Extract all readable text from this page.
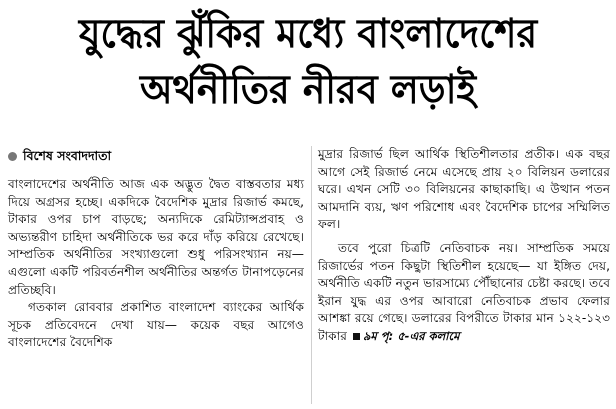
যুদ্ধের ঝুঁকির মধ্যে বাংলাদেশের
অর্থনীতির নীরব লড়াই
বিশেষ সংবাদদাতা

বাংলাদেশের অর্থনীতি আজ এক অদ্ভুত দ্বৈত বাস্তবতার মধ্য দিয়ে অগ্রসর হচ্ছে। একদিকে বৈদেশিক মুদ্রার রিজার্ভ কমছে, টাকার ওপর চাপ বাড়ছে; অন্যদিকে রেমিট্যান্সপ্রবাহ ও অভ্যন্তরীণ চাহিদা অর্থনীতিকে ভর করে দাঁড় করিয়ে রেখেছে। সাম্প্রতিক অর্থনীতির সংখ্যাগুলো শুধু পরিসংখ্যান নয়— এগুলো একটি পরিবর্তনশীল অর্থনীতির অন্তর্গত টানাপড়েনের প্রতিচ্ছবি।

গতকাল রোববার প্রকাশিত বাংলাদেশ ব্যাংকের আর্থিক সূচক প্রতিবেদনে দেখা যায়— কয়েক বছর আগেও বাংলাদেশের বৈদেশিক

মুদ্রার রিজার্ভ ছিল আর্থিক স্থিতিশীলতার প্রতীক। এক বছর আগে সেই রিজার্ভ নেমে এসেছে প্রায় ২০ বিলিয়ন ডলারের ঘরে। এখন সেটি ৩০ বিলিয়নের কাছাকাছি। এ উত্থান পতন আমদানি ব্যয়, ঋণ পরিশোধ এবং বৈদেশিক চাপের সম্মিলিত ফল।

তবে পুরো চিত্রটি নেতিবাচক নয়। সাম্প্রতিক সময়ে রিজার্ভের পতন কিছুটা স্থিতিশীল হয়েছে— যা ইঙ্গিত দেয়, অর্থনীতি একটি নতুন ভারসাম্যে পৌঁছানোর চেষ্টা করছে। তবে ইরান যুদ্ধ এর ওপর আবারো নেতিবাচক প্রভাব ফেলার আশঙ্কা রয়ে গেছে। ডলারের বিপরীতে টাকার মান ১২২-১২৩ টাকার ৯ম পৃ: ৫-এর কলামে
